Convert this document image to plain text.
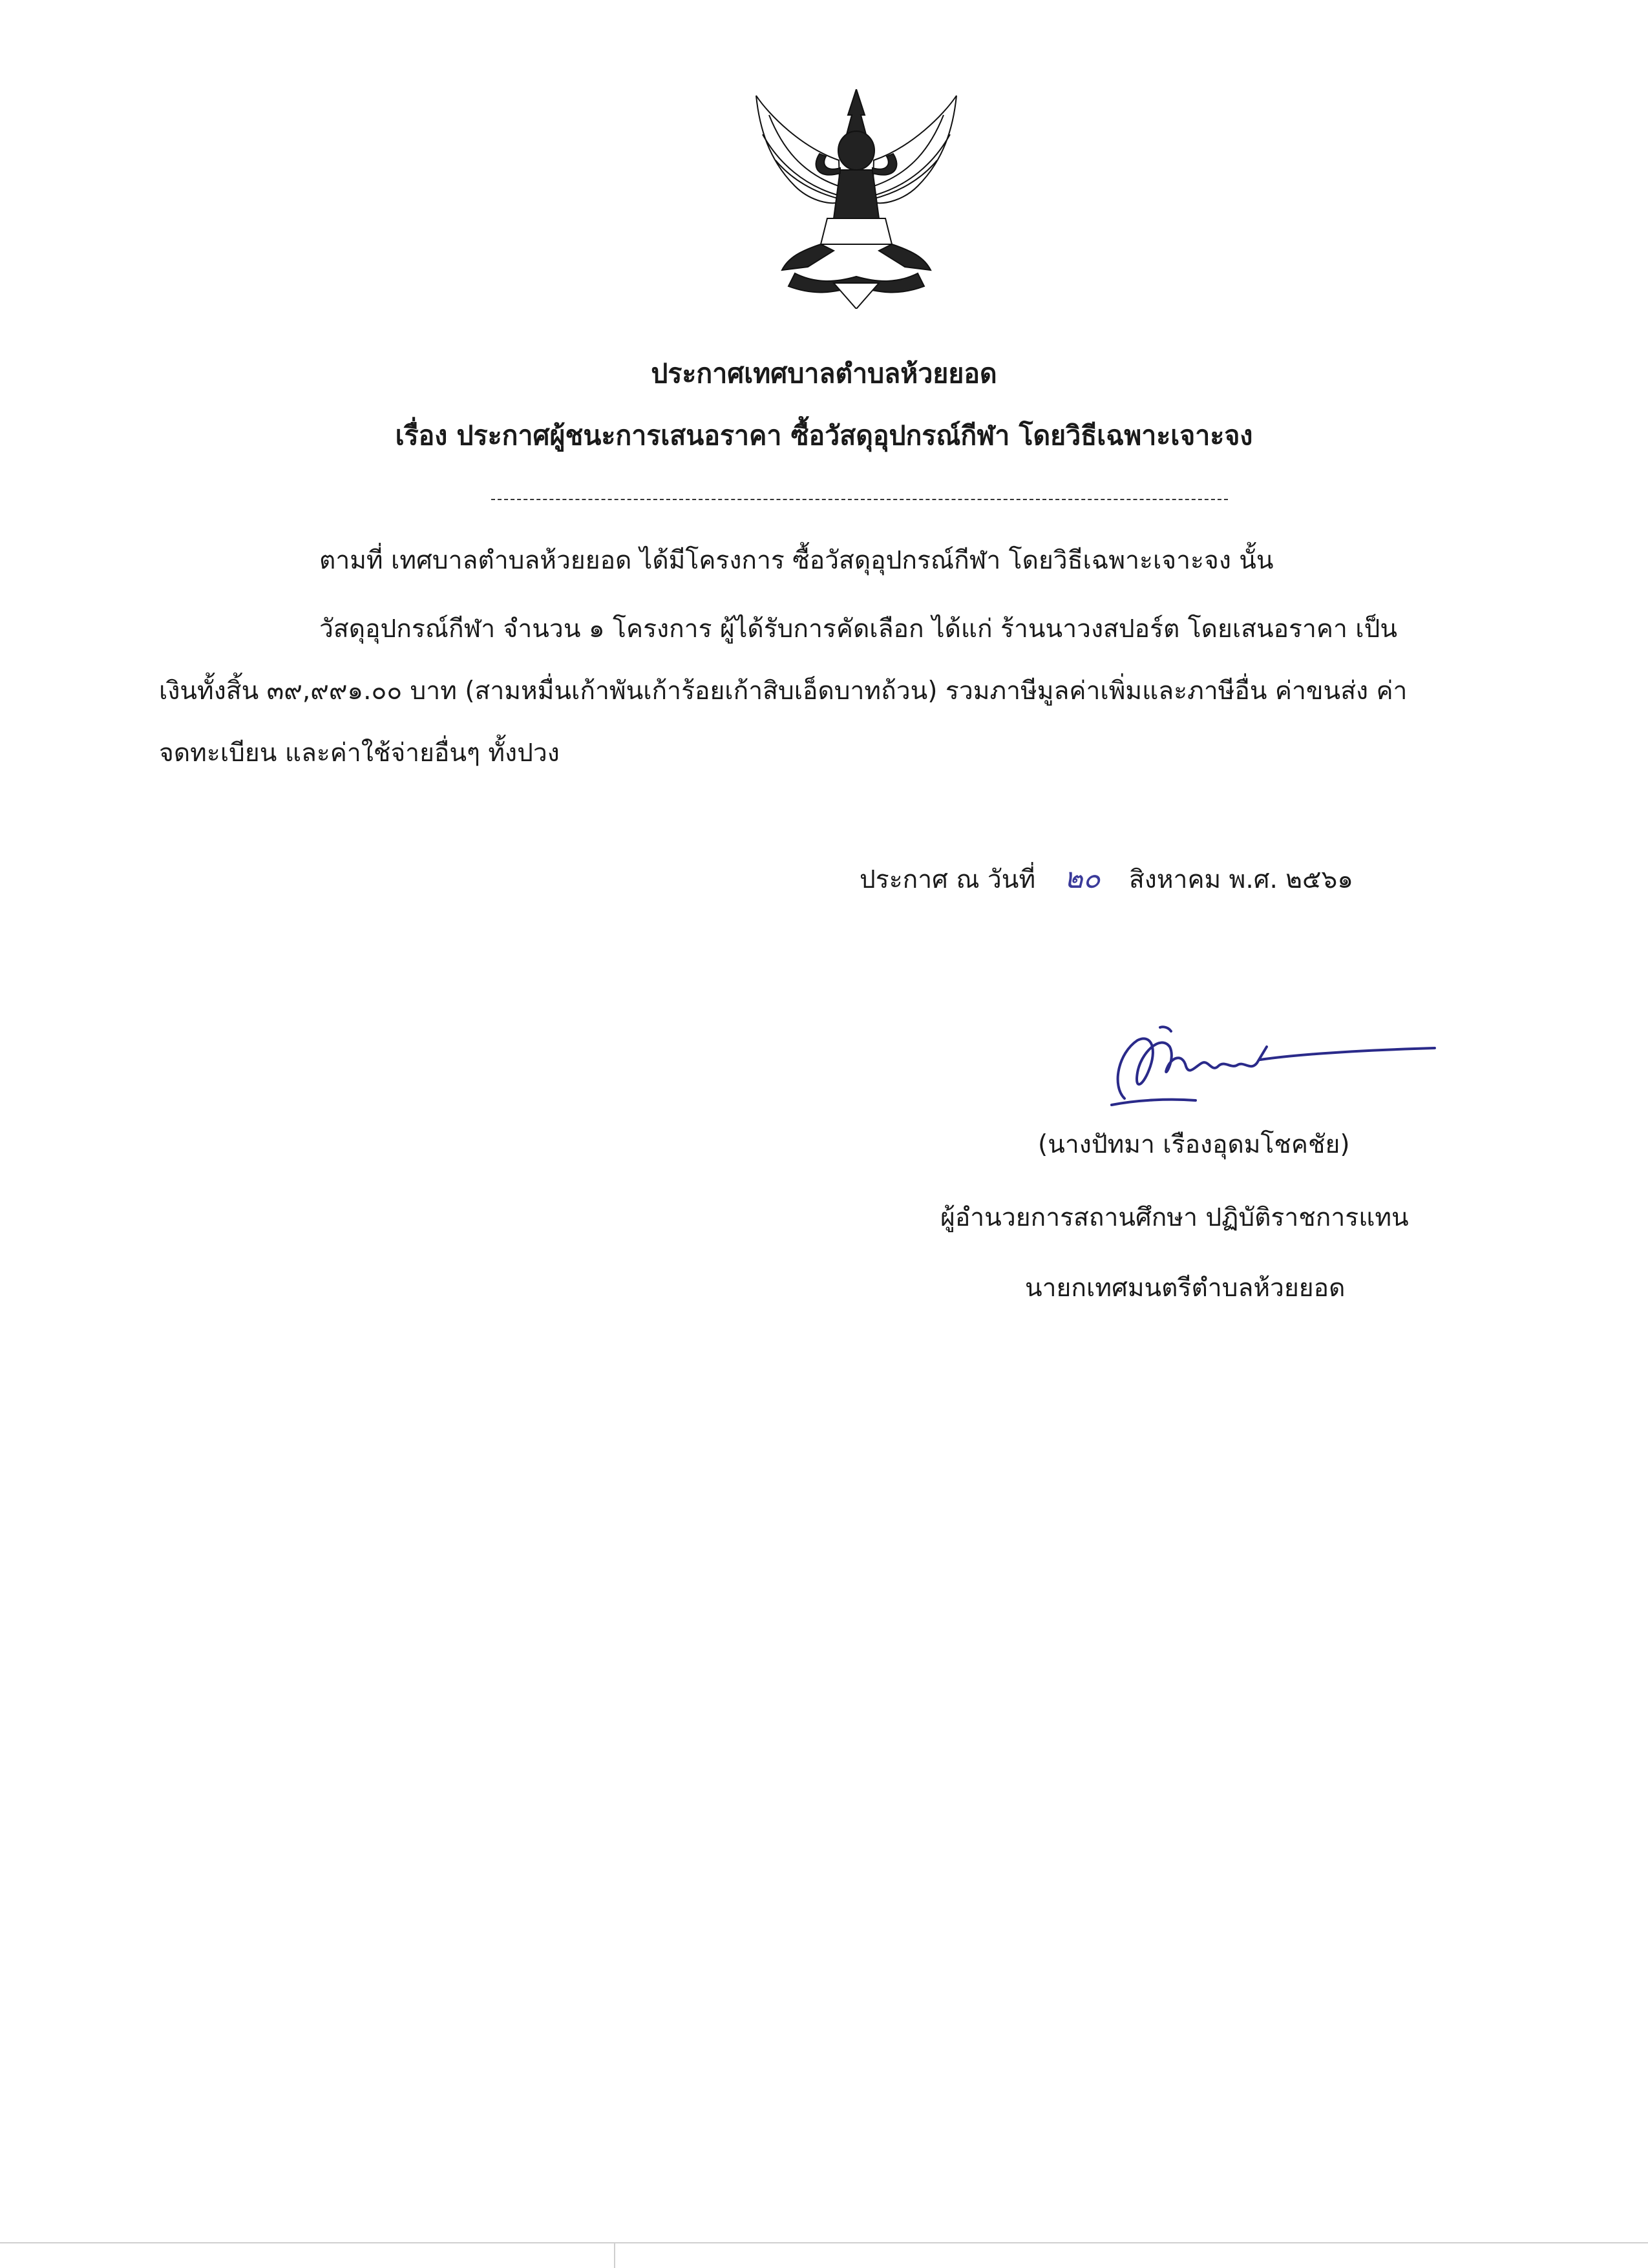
ประกาศเทศบาลตำบลห้วยยอด
เรื่อง ประกาศผู้ชนะการเสนอราคา ซื้อวัสดุอุปกรณ์กีฬา โดยวิธีเฉพาะเจาะจง
ตามที่ เทศบาลตำบลห้วยยอด ได้มีโครงการ ซื้อวัสดุอุปกรณ์กีฬา โดยวิธีเฉพาะเจาะจง นั้น
วัสดุอุปกรณ์กีฬา จำนวน ๑ โครงการ ผู้ได้รับการคัดเลือก ได้แก่ ร้านนาวงสปอร์ต โดยเสนอราคา เป็น
เงินทั้งสิ้น ๓๙,๙๙๑.๐๐ บาท (สามหมื่นเก้าพันเก้าร้อยเก้าสิบเอ็ดบาทถ้วน) รวมภาษีมูลค่าเพิ่มและภาษีอื่น ค่าขนส่ง ค่า
จดทะเบียน และค่าใช้จ่ายอื่นๆ ทั้งปวง
ประกาศ ณ วันที่ ๒๐ สิงหาคม พ.ศ. ๒๕๖๑
(นางปัทมา เรืองอุดมโชคชัย)
ผู้อำนวยการสถานศึกษา ปฏิบัติราชการแทน
นายกเทศมนตรีตำบลห้วยยอด
